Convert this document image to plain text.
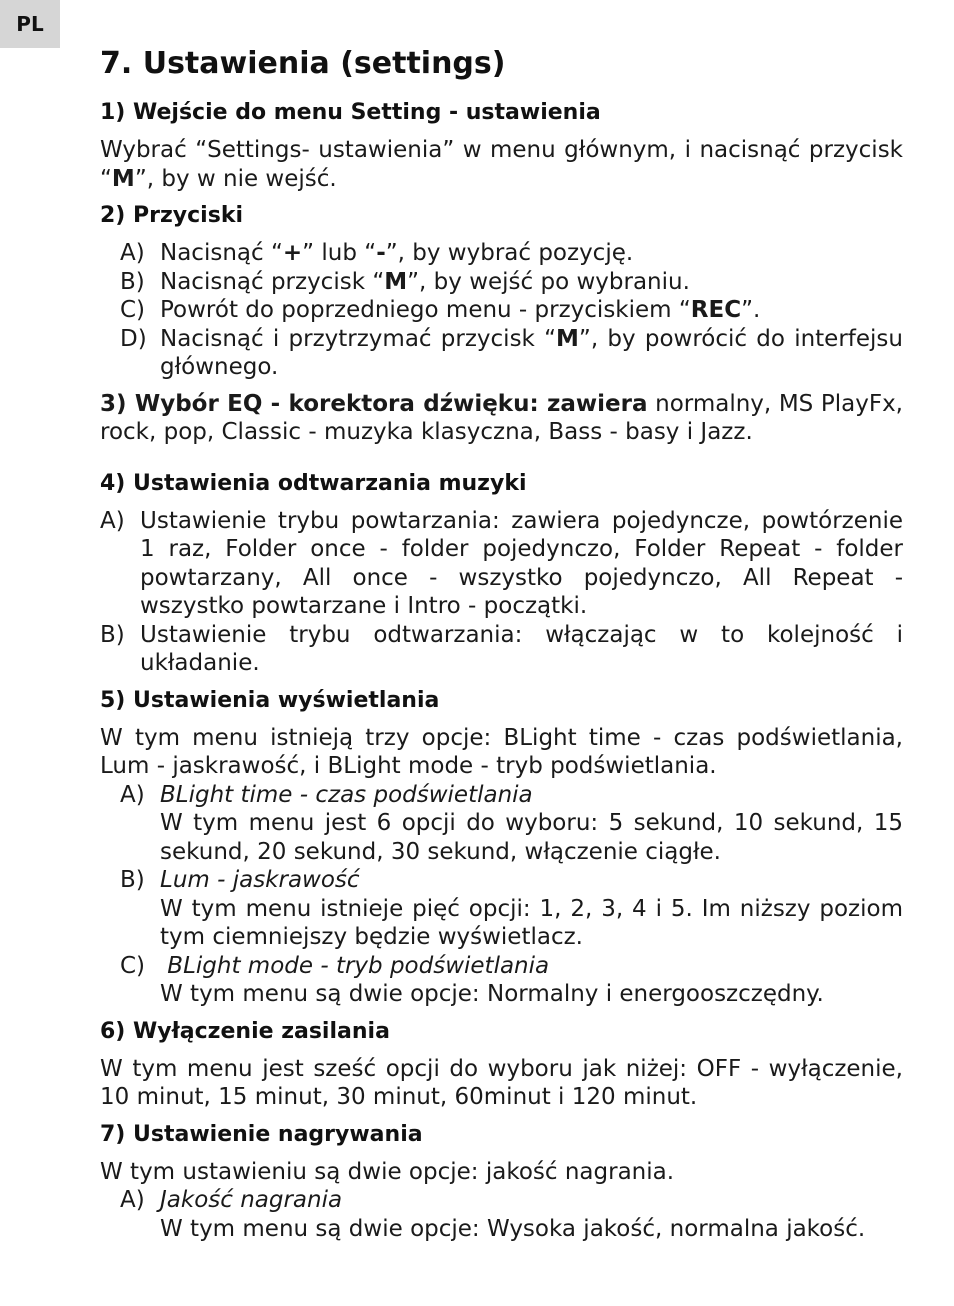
PL
7. Ustawienia (settings)
1) Wejście do menu Setting - ustawienia

Wybrać “Settings- ustawienia” w menu głównym, i nacisnąć przycisk “M”, by w nie wejść.

2) Przyciski
A) Nacisnąć “+” lub “-”, by wybrać pozycję.
B) Nacisnąć przycisk “M”, by wejść po wybraniu.
C) Powrót do poprzedniego menu - przyciskiem “REC”.
D) Nacisnąć i przytrzymać przycisk “M”, by powrócić do interfejsu głównego.

3) Wybór EQ - korektora dźwięku: zawiera normalny, MS PlayFx, rock, pop, Classic - muzyka klasyczna, Bass - basy i Jazz.

4) Ustawienia odtwarzania muzyki
A) Ustawienie trybu powtarzania: zawiera pojedyncze, powtórzenie 1 raz, Folder once - folder pojedynczo, Folder Repeat - folder powtarzany, All once - wszystko pojedynczo, All Repeat - wszystko powtarzane i Intro - początki.
B) Ustawienie trybu odtwarzania: włączając w to kolejność i układanie.
5) Ustawienia wyświetlania

W tym menu istnieją trzy opcje: BLight time - czas podświetlania, Lum - jaskrawość, i BLight mode - tryb podświetlania.

A) BLight time - czas podświetlania
W tym menu jest 6 opcji do wyboru: 5 sekund, 10 sekund, 15 sekund, 20 sekund, 30 sekund, włączenie ciągłe.
B) Lum - jaskrawość
W tym menu istnieje pięć opcji: 1, 2, 3, 4 i 5. Im niższy poziom tym ciemniejszy będzie wyświetlacz.
C) BLight mode - tryb podświetlania
W tym menu są dwie opcje: Normalny i energooszczędny.
6) Wyłączenie zasilania

W tym menu jest sześć opcji do wyboru jak niżej: OFF - wyłączenie, 10 minut, 15 minut, 30 minut, 60minut i 120 minut.

7) Ustawienie nagrywania

W tym ustawieniu są dwie opcje: jakość nagrania.

A) Jakość nagrania
W tym menu są dwie opcje: Wysoka jakość, normalna jakość.
